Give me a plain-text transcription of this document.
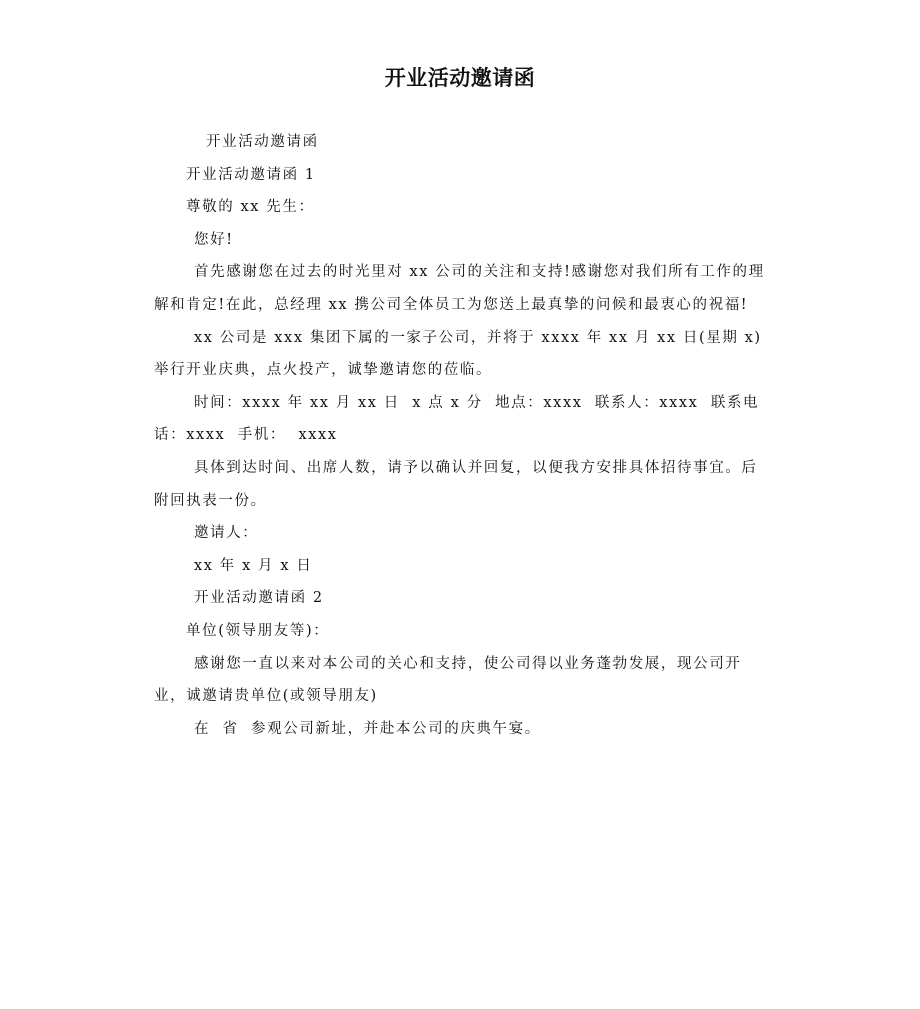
开业活动邀请函

开业活动邀请函

开业活动邀请函 1

尊敬的 xx 先生：

您好!

首先感谢您在过去的时光里对 xx 公司的关注和支持!感谢您对我们所有工作的理解和肯定!在此，总经理 xx 携公司全体员工为您送上最真挚的问候和最衷心的祝福!

xx 公司是 xxx 集团下属的一家子公司，并将于 xxxx 年 xx 月 xx 日(星期 x)举行开业庆典，点火投产，诚挚邀请您的莅临。

时间：xxxx 年 xx 月 xx 日  x 点 x 分  地点：xxxx  联系人：xxxx  联系电话：xxxx  手机：  xxxx

具体到达时间、出席人数，请予以确认并回复，以便我方安排具体招待事宜。后附回执表一份。

邀请人：

xx 年 x 月 x 日

开业活动邀请函 2

单位(领导朋友等)：

感谢您一直以来对本公司的关心和支持，使公司得以业务蓬勃发展，现公司开业，诚邀请贵单位(或领导朋友)

在  省  参观公司新址，并赴本公司的庆典午宴。
